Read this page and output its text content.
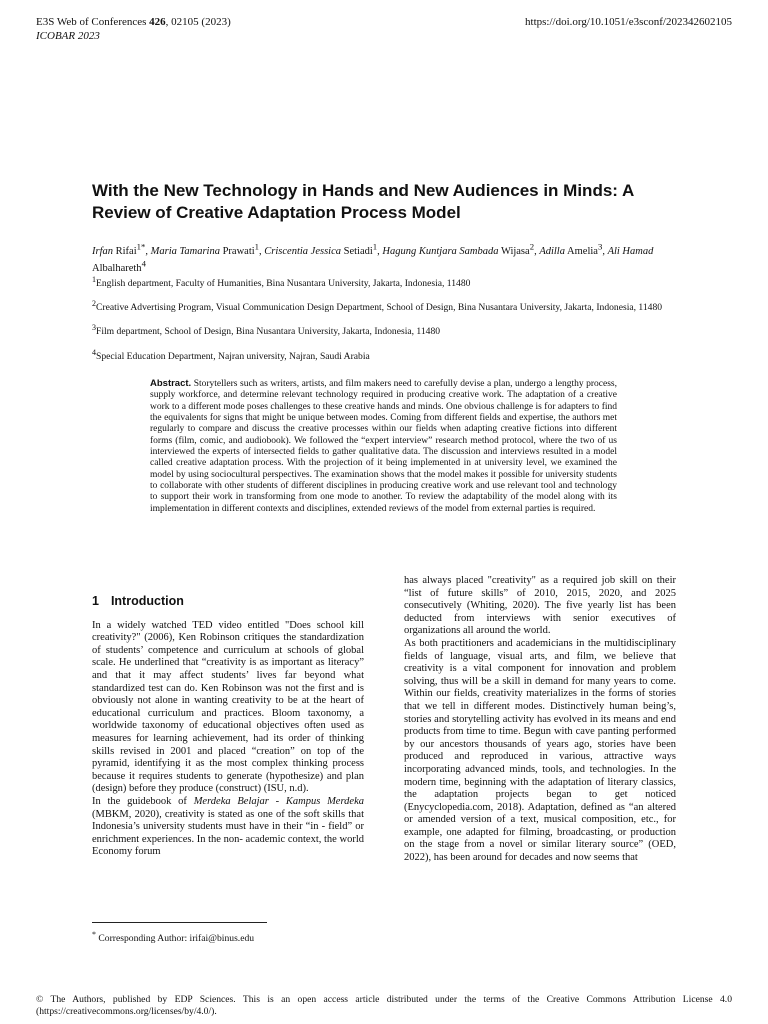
E3S Web of Conferences 426, 02105 (2023)	https://doi.org/10.1051/e3sconf/202342602105
ICOBAR 2023
With the New Technology in Hands and New Audiences in Minds: A Review of Creative Adaptation Process Model
Irfan Rifai$^{1*}$, Maria Tamarina Prawati$^1$, Criscentia Jessica Setiadi$^1$, Hagung Kuntjara Sambada Wijasa$^2$, Adilla Amelia$^3$, Ali Hamad Albalhareth$^4$

$^1$English department, Faculty of Humanities, Bina Nusantara University, Jakarta, Indonesia, 11480

$^2$Creative Advertising Program, Visual Communication Design Department, School of Design, Bina Nusantara University, Jakarta, Indonesia, 11480

$^3$Film department, School of Design, Bina Nusantara University, Jakarta, Indonesia, 11480

$^4$Special Education Department, Najran university, Najran, Saudi Arabia

Abstract. Storytellers such as writers, artists, and film makers need to carefully devise a plan, undergo a lengthy process, supply workforce, and determine relevant technology required in producing creative work. The adaptation of a creative work to a different mode poses challenges to these creative hands and minds. One obvious challenge is for adapters to find the equivalents for signs that might be unique between modes. Coming from different fields and expertise, the authors met regularly to compare and discuss the creative processes within our fields when adapting creative fictions into different forms (film, comic, and audiobook). We followed the “expert interview” research method protocol, where the two of us interviewed the experts of intersected fields to gather qualitative data. The discussion and interviews resulted in a model called creative adaptation process. With the projection of it being implemented in at university level, we examined the model by using sociocultural perspectives. The examination shows that the model makes it possible for university students to collaborate with other students of different disciplines in producing creative work and use relevant tool and technology to support their work in transforming from one mode to another. To review the adaptability of the model along with its implementation in different contexts and disciplines, extended reviews of the model from external parties is required.

1 Introduction

In a widely watched TED video entitled "Does school kill creativity?" (2006), Ken Robinson critiques the standardization of students’ competence and curriculum at schools of global scale. He underlined that “creativity is as important as literacy” and that it may affect students’ lives far beyond what standardized test can do. Ken Robinson was not the first and is obviously not alone in wanting creativity to be at the heart of educational curriculum and practices. Bloom taxonomy, a worldwide taxonomy of educational objectives often used as measures for learning achievement, had its order of thinking skills revised in 2001 and placed “creation” on top of the pyramid, identifying it as the most complex thinking process because it requires students to generate (hypothesize) and plan (design) before they produce (construct) (ISU, n.d).

In the guidebook of Merdeka Belajar - Kampus Merdeka (MBKM, 2020), creativity is stated as one of the soft skills that Indonesia’s university students must have in their “in - field” or enrichment experiences. In the non- academic context, the world Economy forum

has always placed "creativity" as a required job skill on their “list of future skills” of 2010, 2015, 2020, and 2025 consecutively (Whiting, 2020). The five yearly list has been deducted from interviews with senior executives of organizations all around the world.

As both practitioners and academicians in the multidisciplinary fields of language, visual arts, and film, we believe that creativity is a vital component for innovation and problem solving, thus will be a skill in demand for many years to come. Within our fields, creativity materializes in the forms of stories that we tell in different modes. Distinctively human being’s, stories and storytelling activity has evolved in its means and end products from time to time. Begun with cave panting performed by our ancestors thousands of years ago, stories have been produced and reproduced in various, attractive ways incorporating advanced minds, tools, and technologies. In the modern time, beginning with the adaptation of literary classics, the adaptation projects began to get noticed (Enycyclopedia.com, 2018). Adaptation, defined as “an altered or amended version of a text, musical composition, etc., for example, one adapted for filming, broadcasting, or production on the stage from a novel or similar literary source” (OED, 2022), has been around for decades and now seems that

* Corresponding Author: irifai@binus.edu
© The Authors, published by EDP Sciences. This is an open access article distributed under the terms of the Creative Commons Attribution License 4.0 (https://creativecommons.org/licenses/by/4.0/).
